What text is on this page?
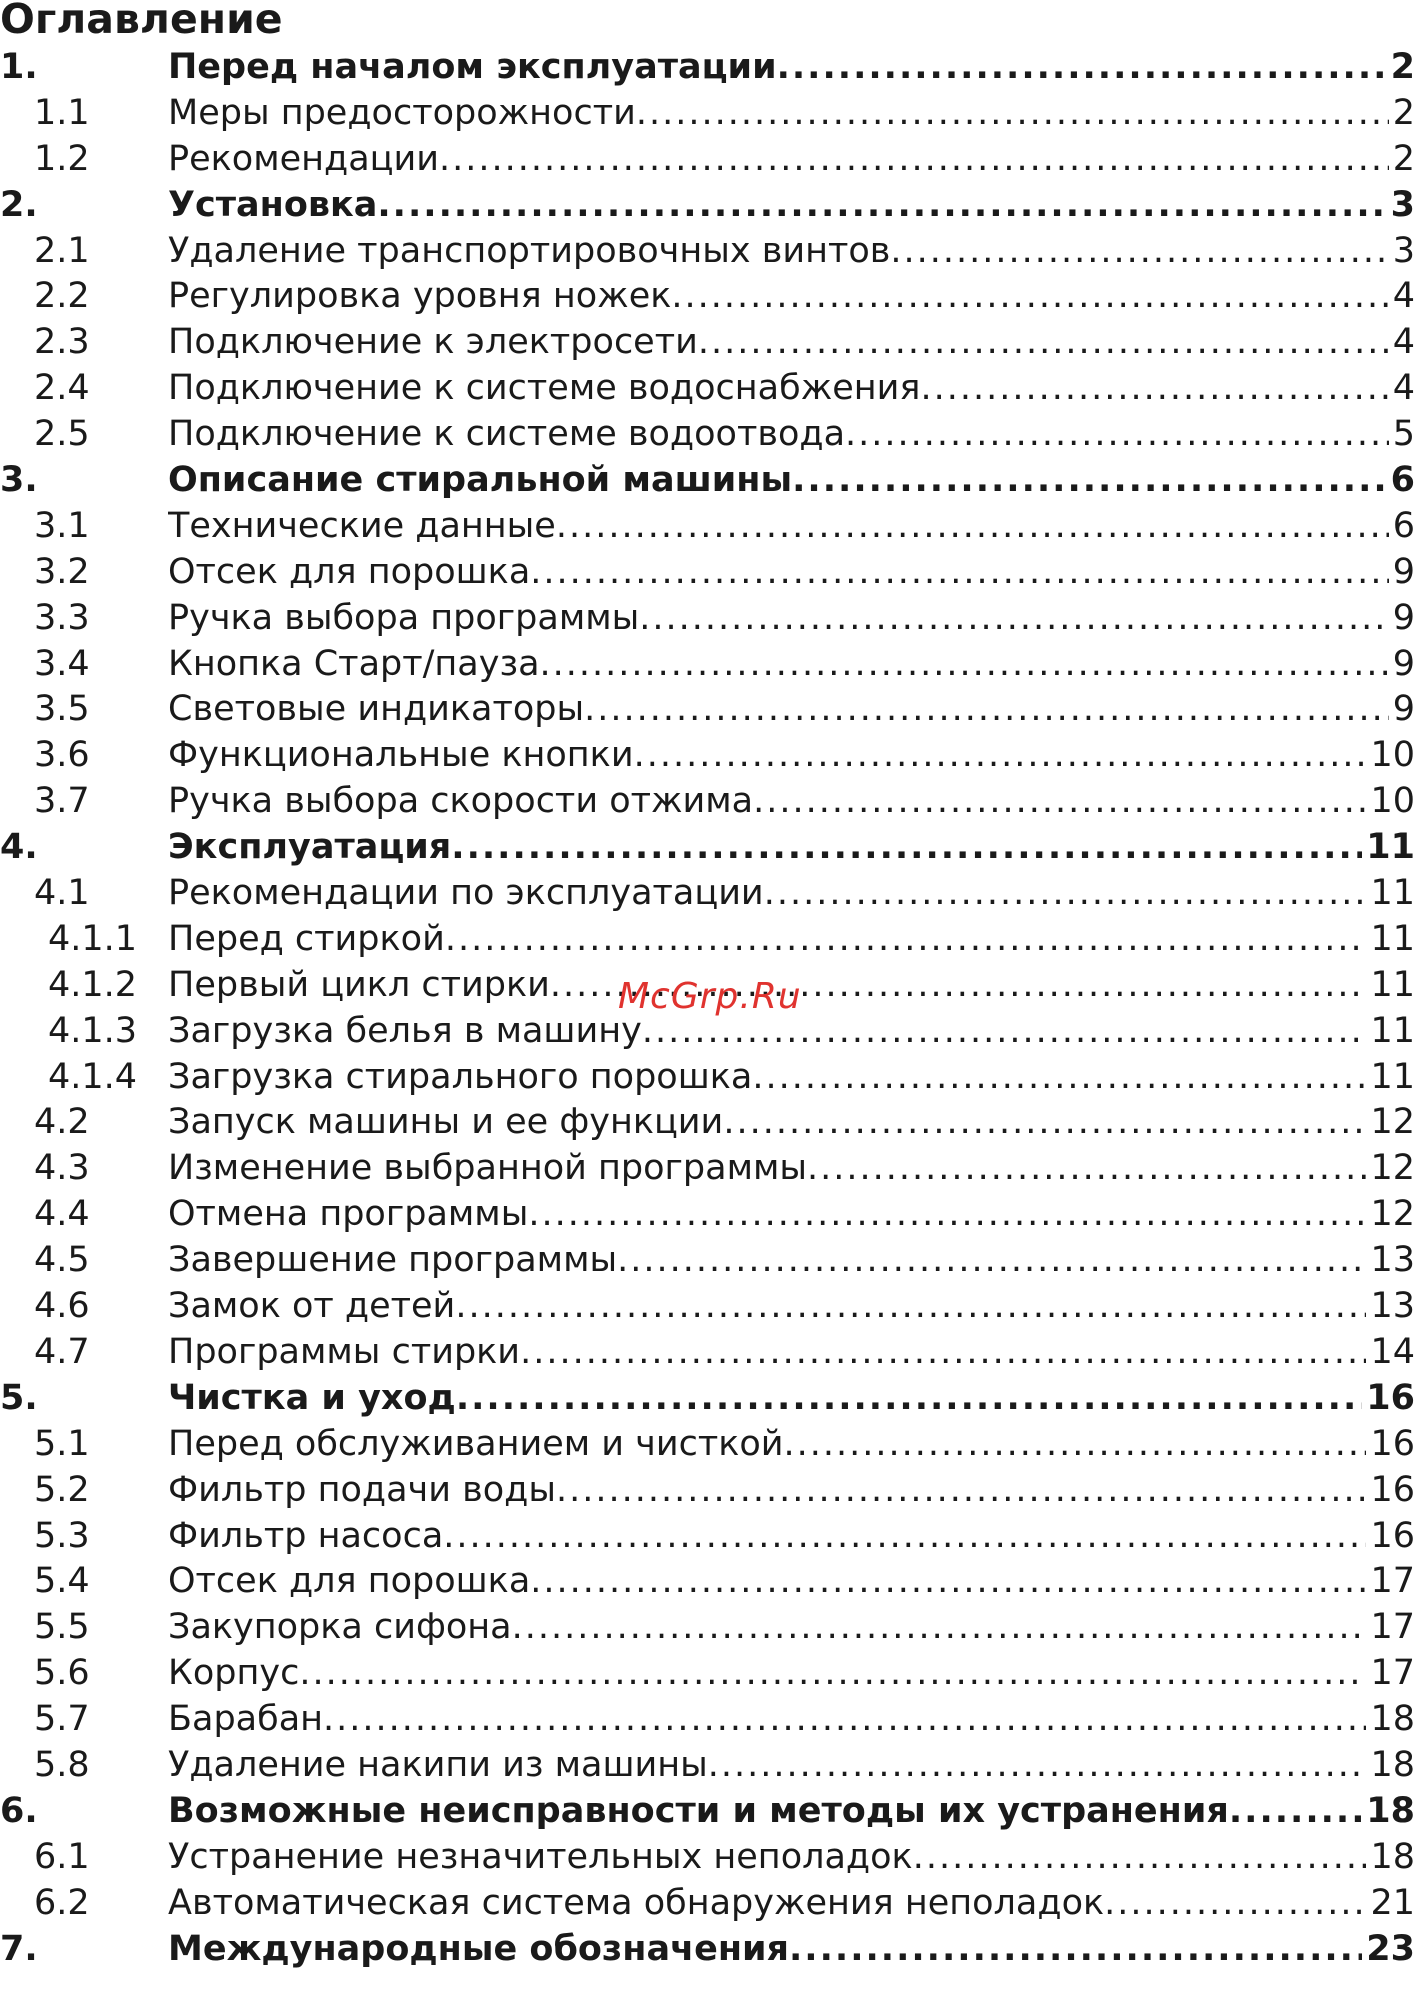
Оглавление
1.	Перед началом эксплуатации .....	2
1.1 Меры предосторожности .....	2
1.2 Рекомендации .....	2
2.	Установка .....	3
2.1 Удаление транспортировочных винтов .....	3
2.2 Регулировка уровня ножек .....	4
2.3 Подключение к электросети .....	4
2.4 Подключение к системе водоснабжения .....	4
2.5 Подключение к системе водоотвода .....	5
3.	Описание стиральной машины .....	6
3.1 Технические данные .....	6
3.2 Отсек для порошка .....	9
3.3 Ручка выбора программы .....	9
3.4 Кнопка Старт/пауза .....	9
3.5 Световые индикаторы .....	9
3.6 Функциональные кнопки .....	10
3.7 Ручка выбора скорости отжима .....	10
4.	Эксплуатация .....	11
4.1 Рекомендации по эксплуатации .....	11
4.1.1 Перед стиркой .....	11
4.1.2 Первый цикл стирки .....	11
4.1.3 Загрузка белья в машину .....	11
4.1.4 Загрузка стирального порошка .....	11
4.2 Запуск машины и ее функции .....	12
4.3 Изменение выбранной программы .....	12
4.4 Отмена программы .....	12
4.5 Завершение программы .....	13
4.6 Замок от детей .....	13
4.7 Программы стирки .....	14
5.	Чистка и уход .....	16
5.1 Перед обслуживанием и чисткой .....	16
5.2 Фильтр подачи воды .....	16
5.3 Фильтр насоса .....	16
5.4 Отсек для порошка .....	17
5.5 Закупорка сифона .....	17
5.6 Корпус .....	17
5.7 Барабан .....	18
5.8 Удаление накипи из машины .....	18
6.	Возможные неисправности и методы их устранения .....	18
6.1 Устранение незначительных неполадок .....	18
6.2 Автоматическая система обнаружения неполадок .....	21
7.	Международные обозначения .....	23
McGrp.Ru
